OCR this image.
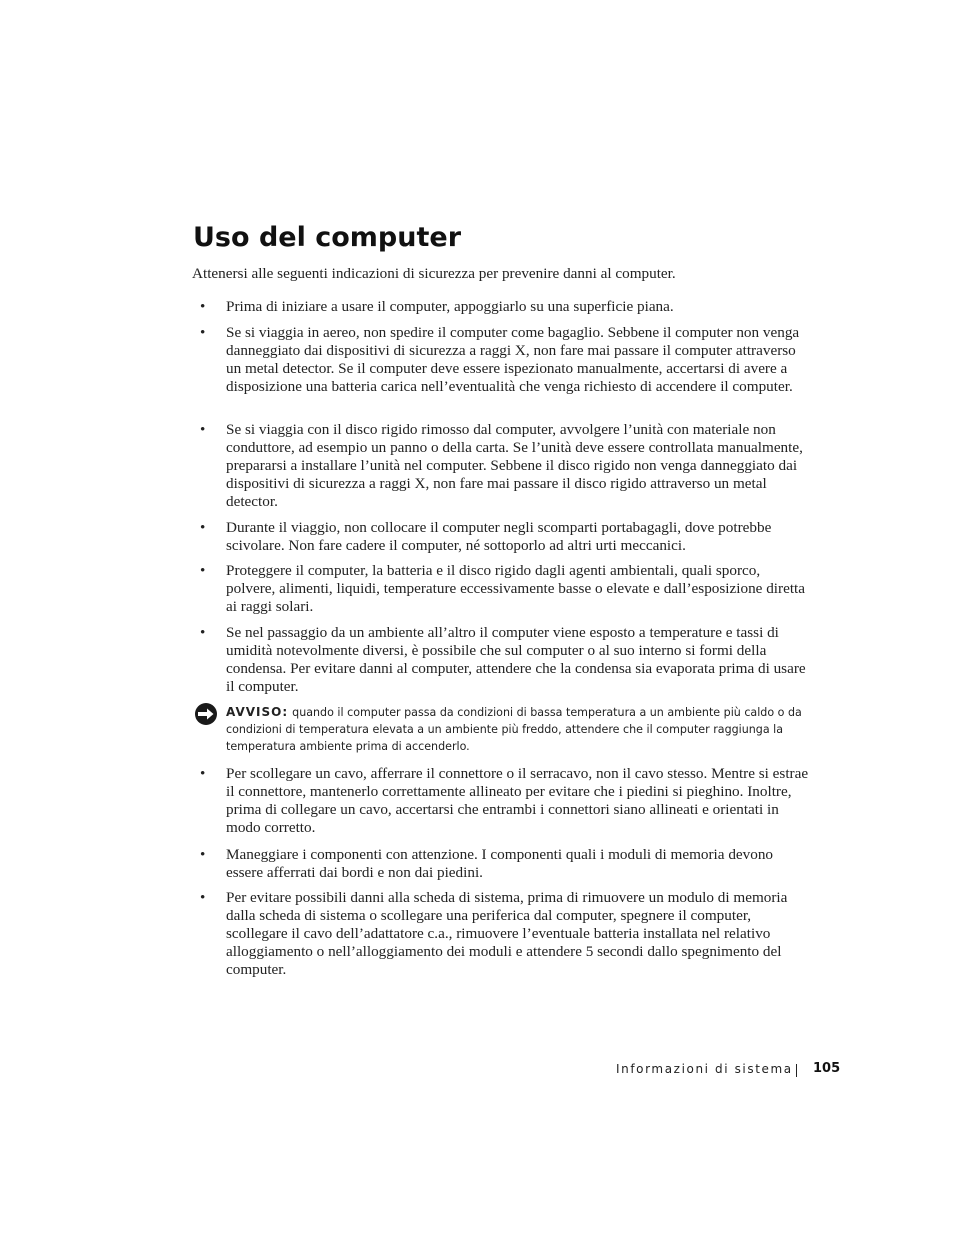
Uso del computer

Attenersi alle seguenti indicazioni di sicurezza per prevenire danni al computer.

•	Prima di iniziare a usare il computer, appoggiarlo su una superficie piana.
•	Se si viaggia in aereo, non spedire il computer come bagaglio. Sebbene il computer non venga danneggiato dai dispositivi di sicurezza a raggi X, non fare mai passare il computer attraverso un metal detector. Se il computer deve essere ispezionato manualmente, accertarsi di avere a disposizione una batteria carica nell’eventualità che venga richiesto di accendere il computer.
•	Se si viaggia con il disco rigido rimosso dal computer, avvolgere l’unità con materiale non conduttore, ad esempio un panno o della carta. Se l’unità deve essere controllata manualmente, prepararsi a installare l’unità nel computer. Sebbene il disco rigido non venga danneggiato dai dispositivi di sicurezza a raggi X, non fare mai passare il disco rigido attraverso un metal detector.
•	Durante il viaggio, non collocare il computer negli scomparti portabagagli, dove potrebbe scivolare. Non fare cadere il computer, né sottoporlo ad altri urti meccanici.
•	Proteggere il computer, la batteria e il disco rigido dagli agenti ambientali, quali sporco, polvere, alimenti, liquidi, temperature eccessivamente basse o elevate e dall’esposizione diretta ai raggi solari.
•	Se nel passaggio da un ambiente all’altro il computer viene esposto a temperature e tassi di umidità notevolmente diversi, è possibile che sul computer o al suo interno si formi della condensa. Per evitare danni al computer, attendere che la condensa sia evaporata prima di usare il computer.
•	Per scollegare un cavo, afferrare il connettore o il serracavo, non il cavo stesso. Mentre si estrae il connettore, mantenerlo correttamente allineato per evitare che i piedini si pieghino. Inoltre, prima di collegare un cavo, accertarsi che entrambi i connettori siano allineati e orientati in modo corretto.
•	Maneggiare i componenti con attenzione. I componenti quali i moduli di memoria devono essere afferrati dai bordi e non dai piedini.
•	Per evitare possibili danni alla scheda di sistema, prima di rimuovere un modulo di memoria dalla scheda di sistema o scollegare una periferica dal computer, spegnere il computer, scollegare il cavo dell’adattatore c.a., rimuovere l’eventuale batteria installata nel relativo alloggiamento o nell’alloggiamento dei moduli e attendere 5 secondi dallo spegnimento del computer.
AVVISO: quando il computer passa da condizioni di bassa temperatura a un ambiente più caldo o da condizioni di temperatura elevata a un ambiente più freddo, attendere che il computer raggiunga la temperatura ambiente prima di accenderlo.
Informazioni di sistema 105
